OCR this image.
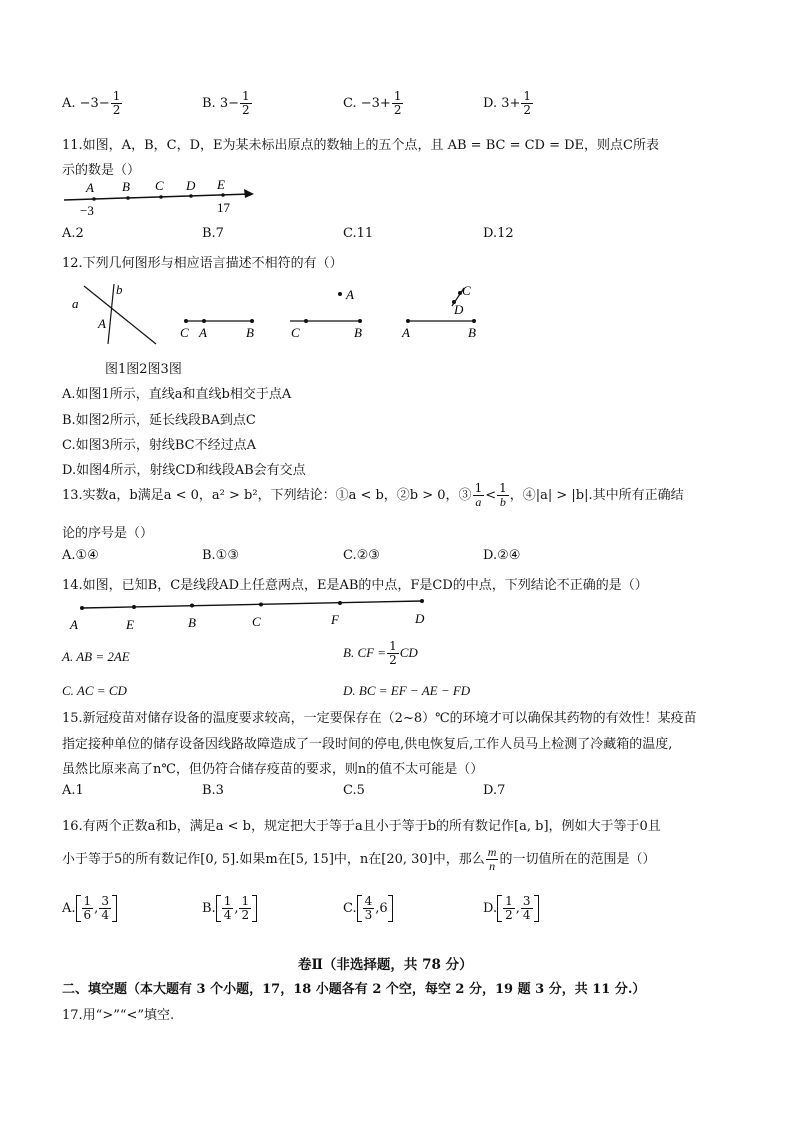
A. $-3- \frac{1}{2}$	B. $3- \frac{1}{2}$	C. $-3+ \frac{1}{2}$	D. $3+ \frac{1}{2}$
11.如图，A，B，C，D，E为某未标出原点的数轴上的五个点，且 AB = BC = CD = DE，则点C所表
示的数是（）
A B C D E
−3	17
A.2	B.7	C.11	D.12
12.下列几何图形与相应语言描述不相符的有（）
a
b
A
C A	B
A
C	B
C
D
A	B
图1图2图3图
A.如图1所示，直线a和直线b相交于点A
B.如图2所示，延长线段BA到点C
C.如图3所示，射线BC不经过点A
D.如图4所示，射线CD和线段AB会有交点
13.实数a，b满足a < 0，a² > b²，下列结论：①a < b，②b > 0，③ $\frac{1}{a} < \frac{1}{b}$ ，④|a| > |b|.其中所有正确结
论的序号是（）
A.①④	B.①③	C.②③	D.②④
14.如图，已知B，C是线段AD上任意两点，E是AB的中点，F是CD的中点，下列结论不正确的是（）
A	E	B	C	F	D
A. AB = 2AE	B. CF = $\frac{1}{2}$ CD
C. AC = CD	D. BC = EF − AE − FD
15.新冠疫苗对储存设备的温度要求较高，一定要保存在（2~8）℃的环境才可以确保其药物的有效性！某疫苗
指定接种单位的储存设备因线路故障造成了一段时间的停电,供电恢复后,工作人员马上检测了冷藏箱的温度,
虽然比原来高了n℃，但仍符合储存疫苗的要求，则n的值不太可能是（）
A.1	B.3	C.5	D.7
16.有两个正数a和b，满足a < b，规定把大于等于a且小于等于b的所有数记作[a, b]，例如大于等于0且
小于等于5的所有数记作[0, 5].如果m在[5, 15]中，n在[20, 30]中，那么 $\frac{m}{n}$ 的一切值所在的范围是（）
A. $\frac{1}{6}$ , $\frac{3}{4}$	B. $\frac{1}{4}$ , $\frac{1}{2}$	C. $\frac{4}{3} ,6$	D. $\frac{1}{2}$ , $\frac{3}{4}$
卷Ⅱ（非选择题，共 78 分）
二、填空题（本大题有 3 个小题，17，18 小题各有 2 个空，每空 2 分，19 题 3 分，共 11 分.）
17.用“>”“<”填空.
